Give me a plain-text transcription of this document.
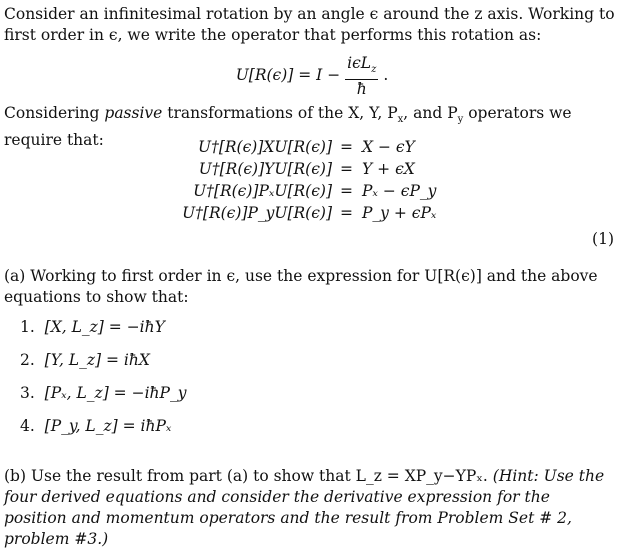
Consider an infinitesimal rotation by an angle ϵ around the z axis. Working to first order in ϵ, we write the operator that performs this rotation as:
$U[R(\epsilon)] = I - \frac{i\epsilon L_z}{ħ}$ .
Considering passive transformations of the X, Y, $P_x$, and $P_y$ operators we require that:	U†[R(ϵ)]XU[R(ϵ)] = X − ϵY
U†[R(ϵ)]YU[R(ϵ)] = Y + ϵX
U†[R(ϵ)]PₓU[R(ϵ)] = Pₓ − ϵP_y
U†[R(ϵ)]P_yU[R(ϵ)] = P_y + ϵPₓ
(1)
(a) Working to first order in ϵ, use the expression for U[R(ϵ)] and the above equations to show that:
1. [X, L_z] = −iħY
2. [Y, L_z] = iħX
3. [Pₓ, L_z] = −iħP_y
4. [P_y, L_z] = iħPₓ
(b) Use the result from part (a) to show that L_z = XP_y−YPₓ. (Hint: Use the four derived equations and consider the derivative expression for the position and momentum operators and the result from Problem Set # 2, problem #3.)
